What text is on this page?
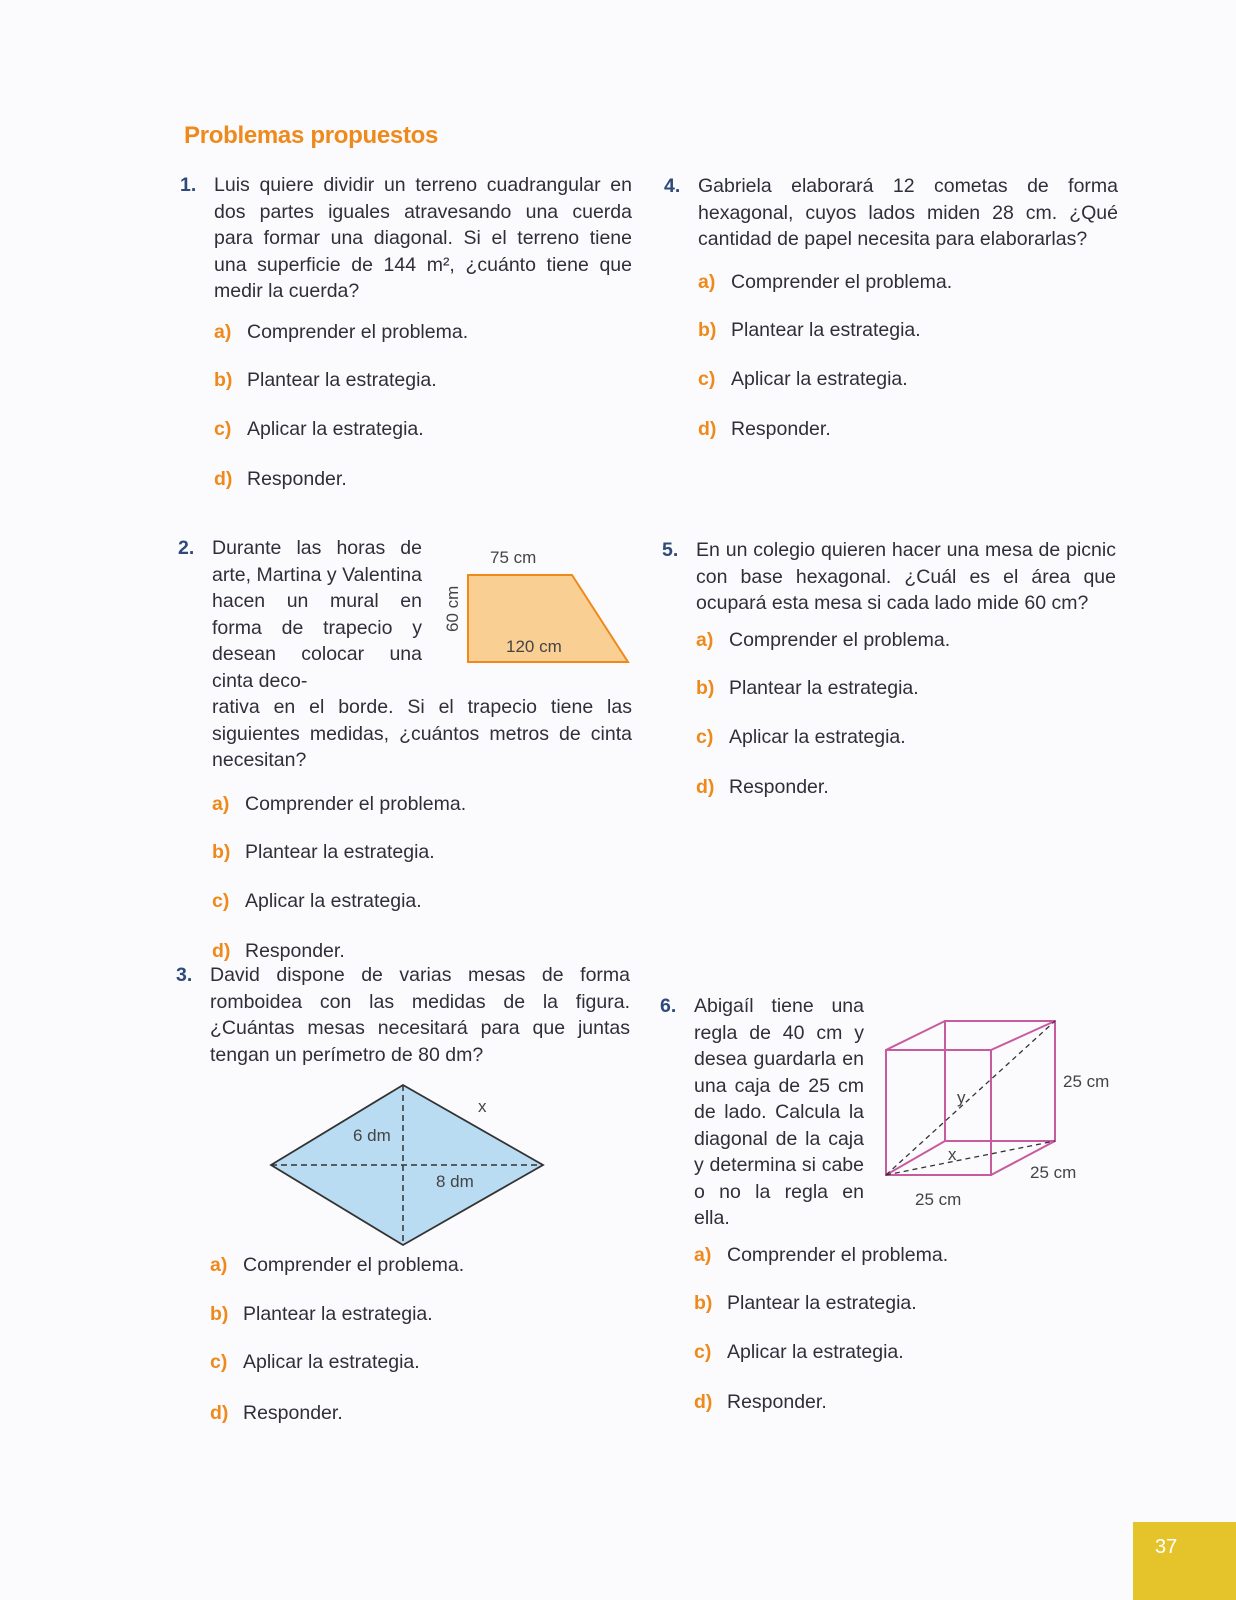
Problemas propuestos
1. Luis quiere dividir un terreno cuadrangular en dos partes iguales atravesando una cuerda para formar una diagonal. Si el terreno tiene una superficie de 144 m², ¿cuánto tiene que medir la cuerda?

a) Comprender el problema.
b) Plantear la estrategia.
c) Aplicar la estrategia.
d) Responder.
2. Durante las horas de arte, Martina y Valentina hacen un mural en forma de trapecio y desean colocar una cinta deco-

rativa en el borde. Si el trapecio tiene las siguientes medidas, ¿cuántos metros de cinta necesitan?

a) Comprender el problema.
b) Plantear la estrategia.
c) Aplicar la estrategia.
d) Responder.
75 cm
60 cm
120 cm
3. David dispone de varias mesas de forma romboidea con las medidas de la figura. ¿Cuántas mesas necesitará para que juntas tengan un perímetro de 80 dm?

a) Comprender el problema.
b) Plantear la estrategia.
c) Aplicar la estrategia.
d) Responder.
x
6 dm
8 dm
4. Gabriela elaborará 12 cometas de forma hexagonal, cuyos lados miden 28 cm. ¿Qué cantidad de papel necesita para elaborarlas?

a) Comprender el problema.
b) Plantear la estrategia.
c) Aplicar la estrategia.
d) Responder.
5. En un colegio quieren hacer una mesa de picnic con base hexagonal. ¿Cuál es el área que ocupará esta mesa si cada lado mide 60 cm?

a) Comprender el problema.
b) Plantear la estrategia.
c) Aplicar la estrategia.
d) Responder.
6. Abigaíl tiene una regla de 40 cm y desea guardarla en una caja de 25 cm de lado. Calcula la diagonal de la caja y determina si cabe o no la regla en ella.

a) Comprender el problema.
b) Plantear la estrategia.
c) Aplicar la estrategia.
d) Responder.
25 cm
25 cm
25 cm
x
y
37
